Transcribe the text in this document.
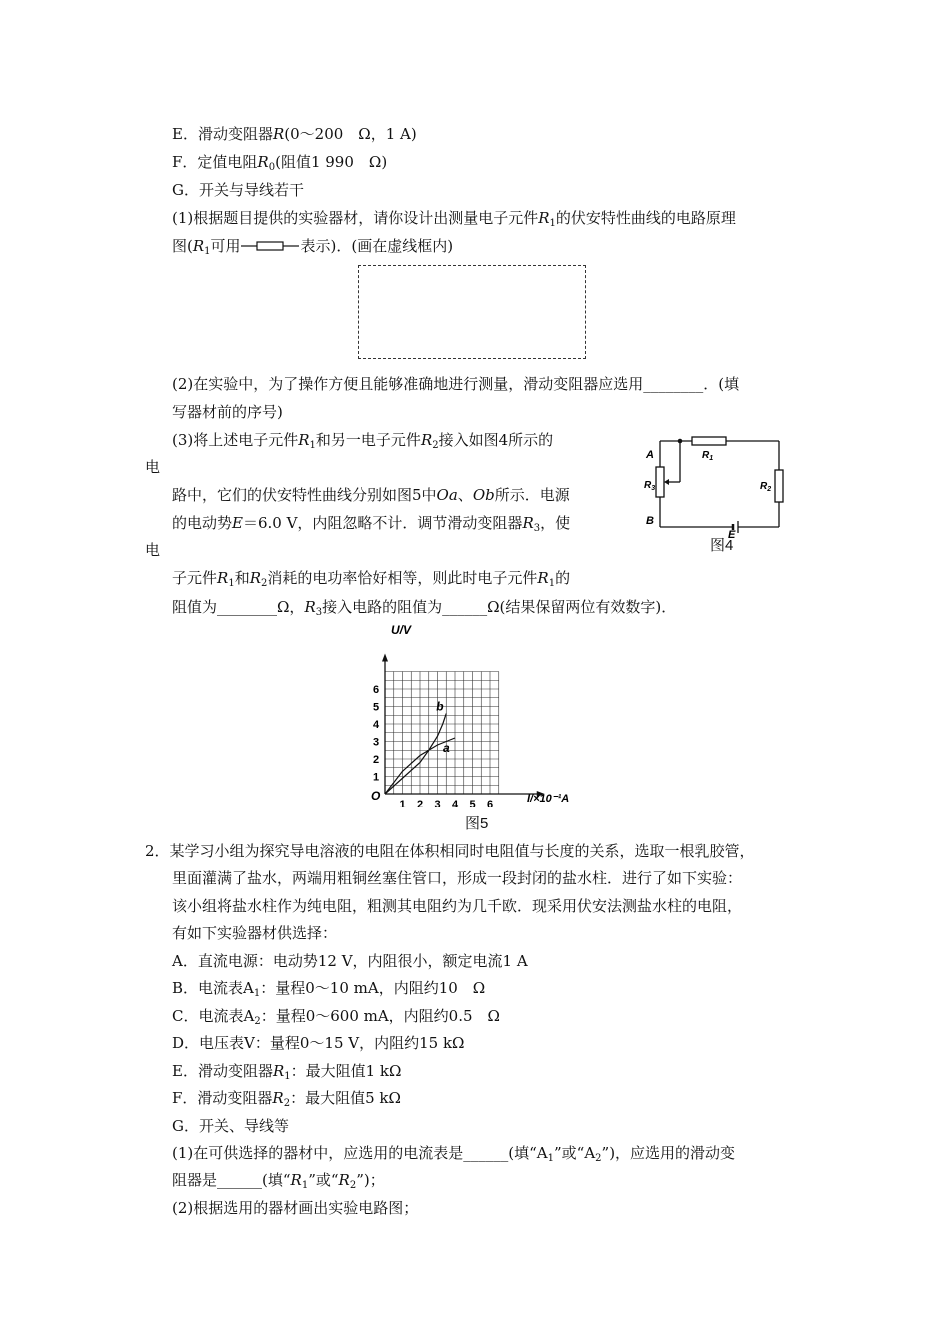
E．滑动变阻器R(0～200　Ω，1 A)
F．定值电阻$R_0$(阻值1 990　Ω)
G．开关与导线若干
(1)根据题目提供的实验器材，请你设计出测量电子元件$R_1$的伏安特性曲线的电路原理
图($R_1$可用	表示)．(画在虚线框内)
(2)在实验中，为了操作方便且能够准确地进行测量，滑动变阻器应选用________．(填
写器材前的序号)
(3)将上述电子元件$R_1$和另一电子元件$R_2$接入如图4所示的
电
路中，它们的伏安特性曲线分别如图5中Oa、Ob所示．电源
的电动势E＝6.0 V，内阻忽略不计．调节滑动变阻器$R_3$，使
电
子元件$R_1$和$R_2$消耗的电功率恰好相等，则此时电子元件$R_1$的
阻值为________Ω，$R_3$接入电路的阻值为______Ω(结果保留两位有效数字)．
A
B
$R_1$
$R_2$
$R_3$
E
图4
1 2 3 4 5 6
1
2
3
4
5
6
a
b
U/V
I/×10⁻¹A
O
图5
2．某学习小组为探究导电溶液的电阻在体积相同时电阻值与长度的关系，选取一根乳胶管，
里面灌满了盐水，两端用粗铜丝塞住管口，形成一段封闭的盐水柱．进行了如下实验：
该小组将盐水柱作为纯电阻，粗测其电阻约为几千欧．现采用伏安法测盐水柱的电阻，
有如下实验器材供选择：
A．直流电源：电动势12 V，内阻很小，额定电流1 A
B．电流表$A_1$：量程0～10 mA，内阻约10　Ω
C．电流表$A_2$：量程0～600 mA，内阻约0.5　Ω
D．电压表V：量程0～15 V，内阻约15 kΩ
E．滑动变阻器$R_1$：最大阻值1 kΩ
F．滑动变阻器$R_2$：最大阻值5 kΩ
G．开关、导线等
(1)在可供选择的器材中，应选用的电流表是______(填“$A_1$”或“$A_2$”)，应选用的滑动变
阻器是______(填“$R_1$”或“$R_2$”)；
(2)根据选用的器材画出实验电路图；
